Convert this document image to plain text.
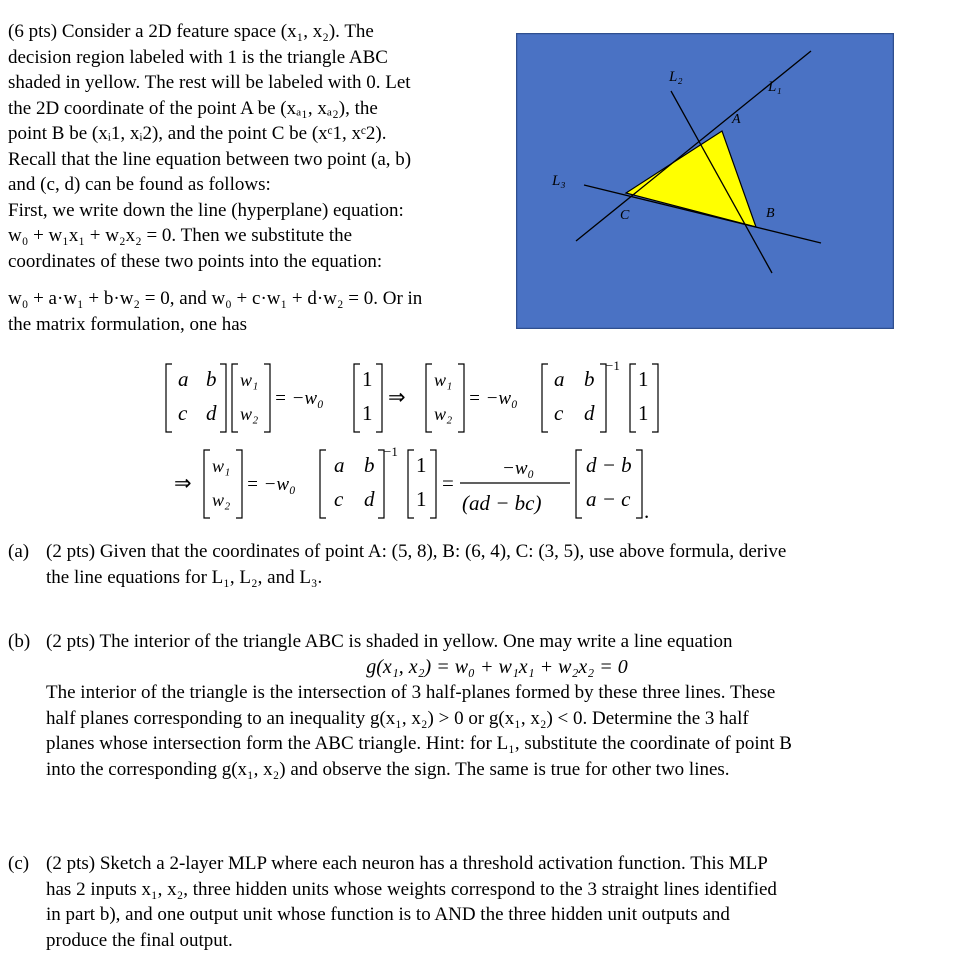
(6 pts) Consider a 2D feature space (x₁, x₂). The

decision region labeled with 1 is the triangle ABC

shaded in yellow. The rest will be labeled with 0. Let

the 2D coordinate of the point A be (xₐ₁, xₐ₂), the

point B be (xᵢ1, xᵢ2), and the point C be (xᶜ1, xᶜ2).

Recall that the line equation between two point (a, b)

and (c, d) can be found as follows:

First, we write down the line (hyperplane) equation:

w₀ + w₁x₁ + w₂x₂ = 0. Then we substitute the

coordinates of these two points into the equation:

w₀ + a·w₁ + b·w₂ = 0, and w₀ + c·w₁ + d·w₂ = 0. Or in

the matrix formulation, one has

L₂
L₁
L₃
A
B
C
a b
c d
w₁
w₂
= −w₀
1
1
⇒
w₁
w₂
= −w₀
a b
c d
−1
1
1
⇒
w₁
w₂
= −w₀
a b
c d
−1
1
1
=
−w₀
(ad − bc)
d − b
a − c .
(a) (2 pts) Given that the coordinates of point A: (5, 8), B: (6, 4), C: (3, 5), use above formula, derive

the line equations for L₁, L₂, and L₃.

(b) (2 pts) The interior of the triangle ABC is shaded in yellow. One may write a line equation

g(x₁, x₂) = w₀ + w₁x₁ + w₂x₂ = 0

The interior of the triangle is the intersection of 3 half-planes formed by these three lines. These

half planes corresponding to an inequality g(x₁, x₂) > 0 or g(x₁, x₂) < 0. Determine the 3 half

planes whose intersection form the ABC triangle. Hint: for L₁, substitute the coordinate of point B

into the corresponding g(x₁, x₂) and observe the sign. The same is true for other two lines.

(c) (2 pts) Sketch a 2-layer MLP where each neuron has a threshold activation function. This MLP

has 2 inputs x₁, x₂, three hidden units whose weights correspond to the 3 straight lines identified

in part b), and one output unit whose function is to AND the three hidden unit outputs and

produce the final output.
